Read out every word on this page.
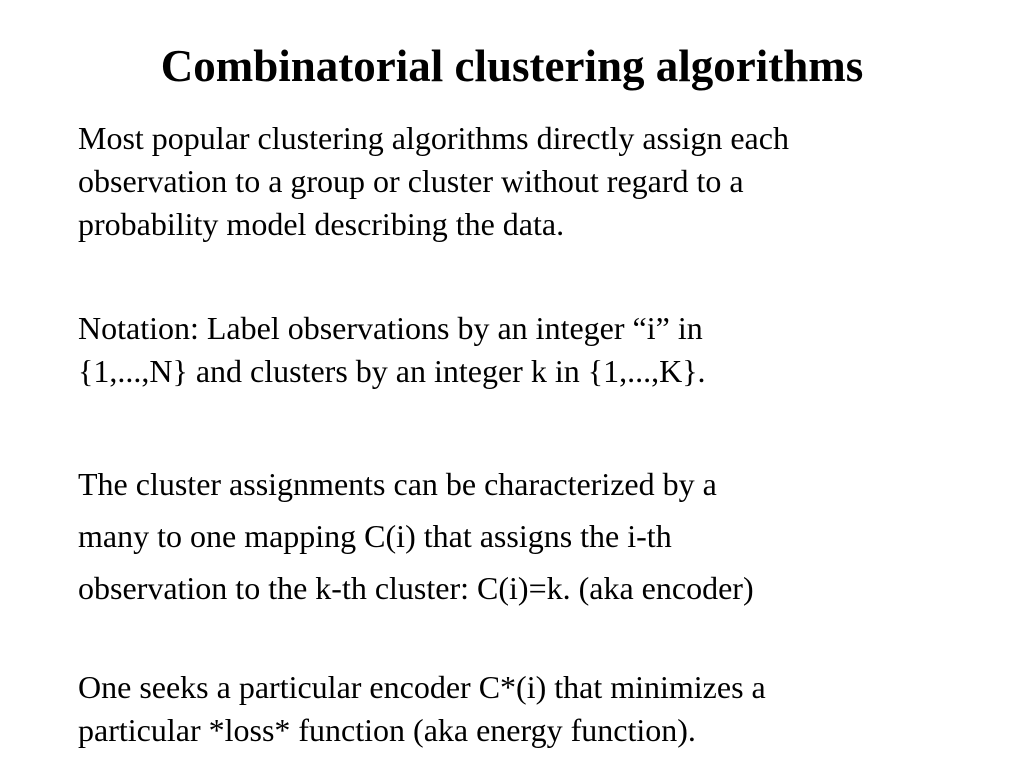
Combinatorial clustering algorithms

Most popular clustering algorithms directly assign each
observation to a group or cluster without regard to a
probability model describing the data.

Notation: Label observations by an integer “i” in
{1,...,N} and clusters by an integer k in {1,...,K}.

The cluster assignments can be characterized by a
many to one mapping C(i) that assigns the i-th
observation to the k-th cluster: C(i)=k. (aka encoder)

One seeks a particular encoder C*(i) that minimizes a
particular *loss* function (aka energy function).
